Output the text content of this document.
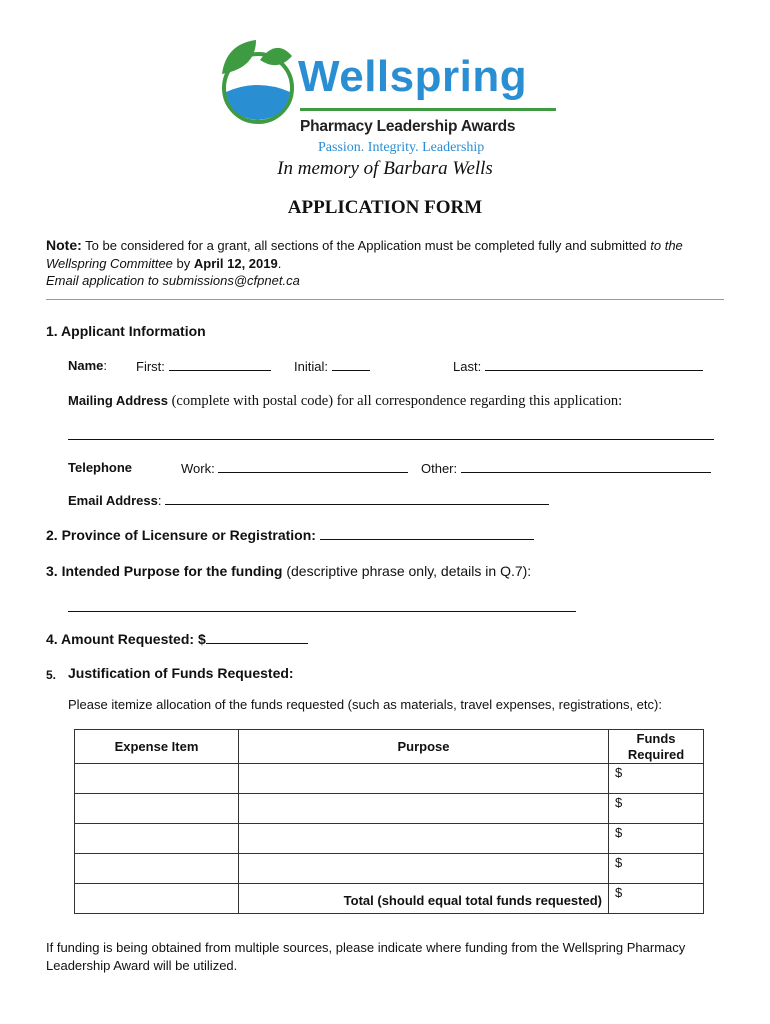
Wellspring
Pharmacy Leadership Awards
Passion. Integrity. Leadership
In memory of Barbara Wells
APPLICATION FORM
Note: To be considered for a grant, all sections of the Application must be completed fully and submitted to the Wellspring Committee by April 12, 2019.
Email application to submissions@cfpnet.ca
1. Applicant Information
Name:	First:	Initial:	Last:
Mailing Address (complete with postal code) for all correspondence regarding this application:
Telephone	Work:	Other:
Email Address:
2. Province of Licensure or Registration:
3. Intended Purpose for the funding (descriptive phrase only, details in Q.7):
4. Amount Requested: $
5. Justification of Funds Requested:
Please itemize allocation of the funds requested (such as materials, travel expenses, registrations, etc):
Expense Item	Purpose	Funds Required

		$

		$

		$

		$

	Total (should equal total funds requested)	$
If funding is being obtained from multiple sources, please indicate where funding from the Wellspring Pharmacy Leadership Award will be utilized.
